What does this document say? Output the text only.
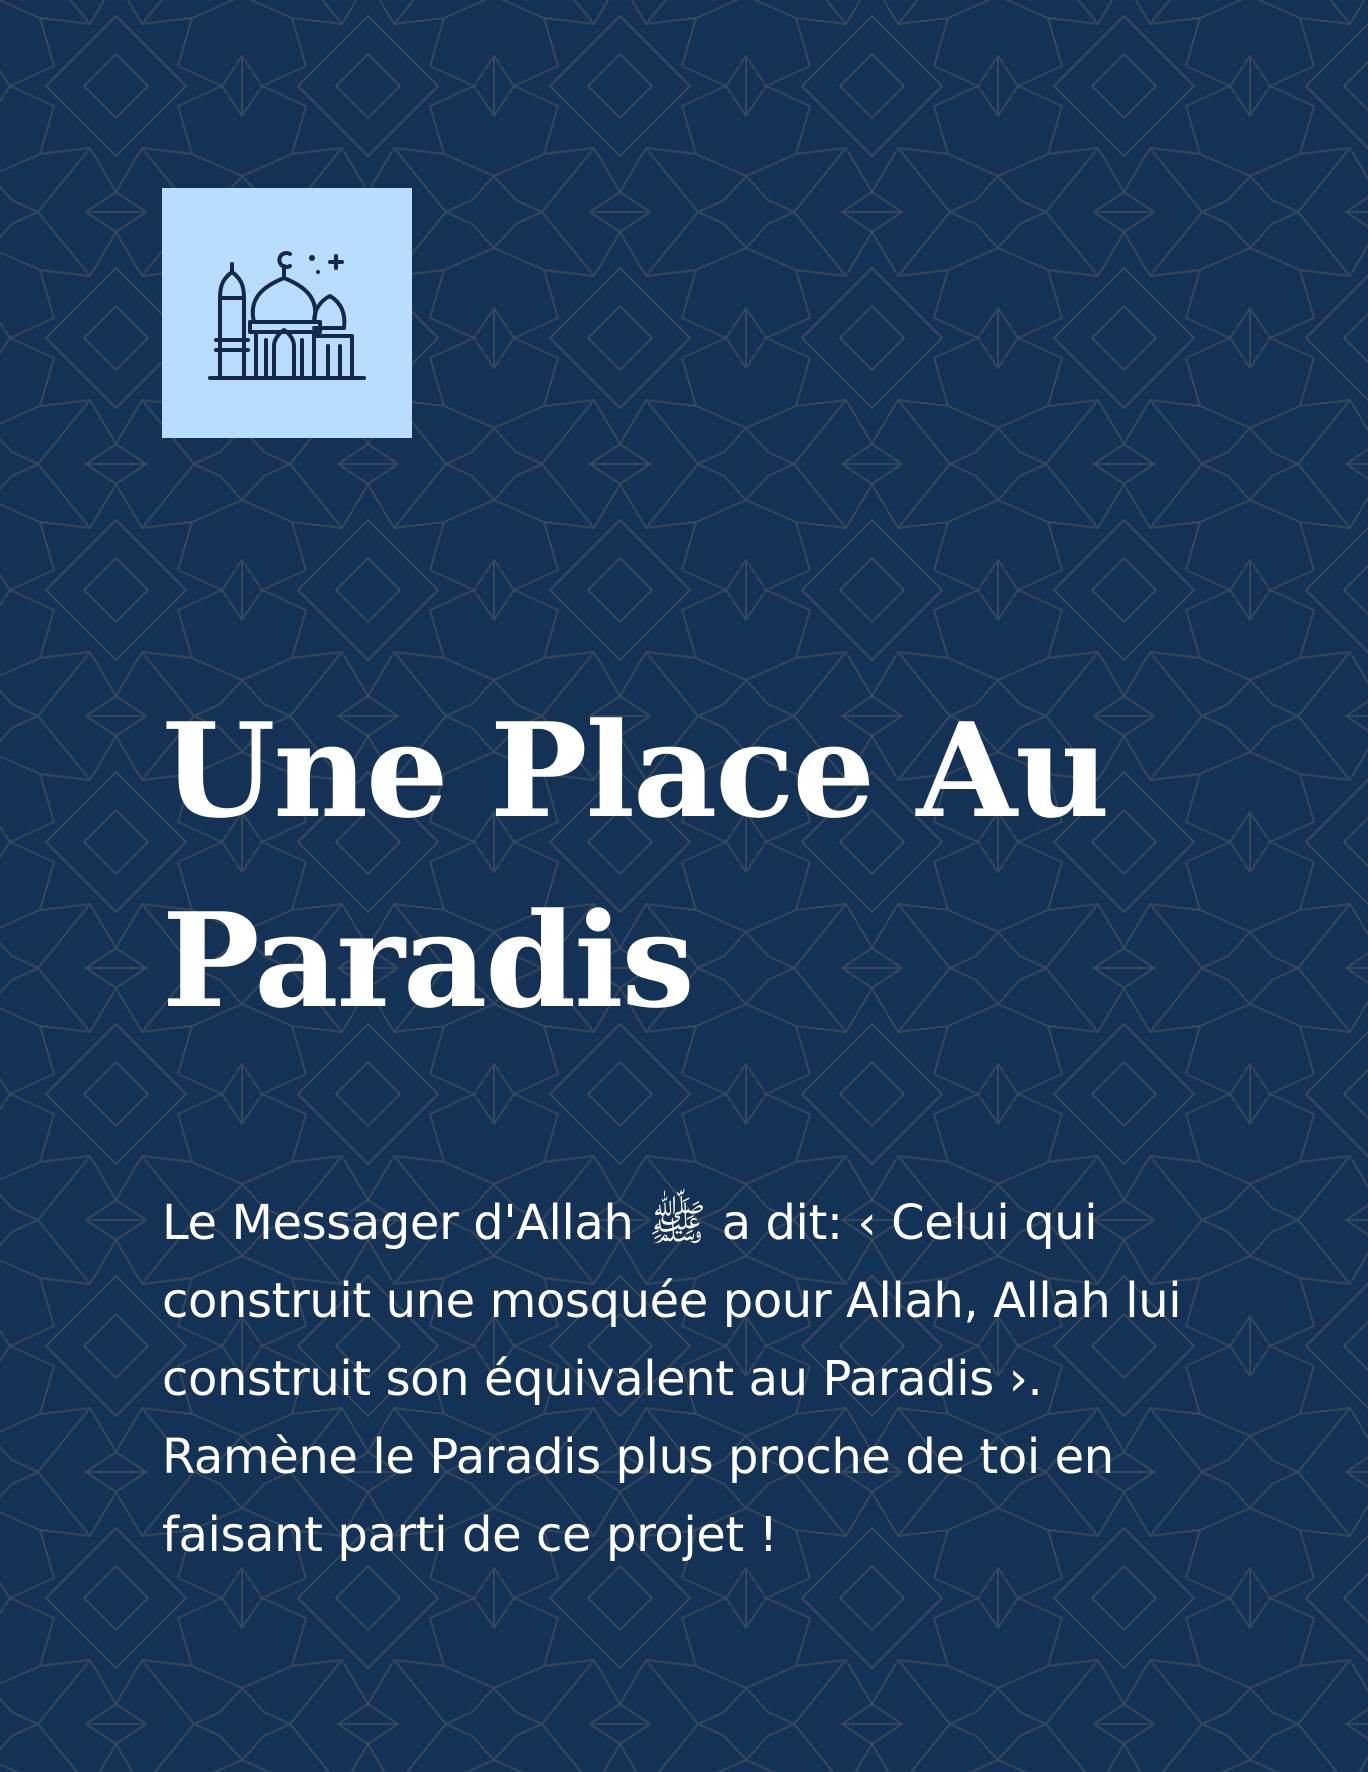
Une Place Au Paradis

Le Messager d'Allah ﷺ a dit: ‹ Celui qui construit une mosquée pour Allah, Allah lui construit son équivalent au Paradis ›. Ramène le Paradis plus proche de toi en faisant parti de ce projet !
